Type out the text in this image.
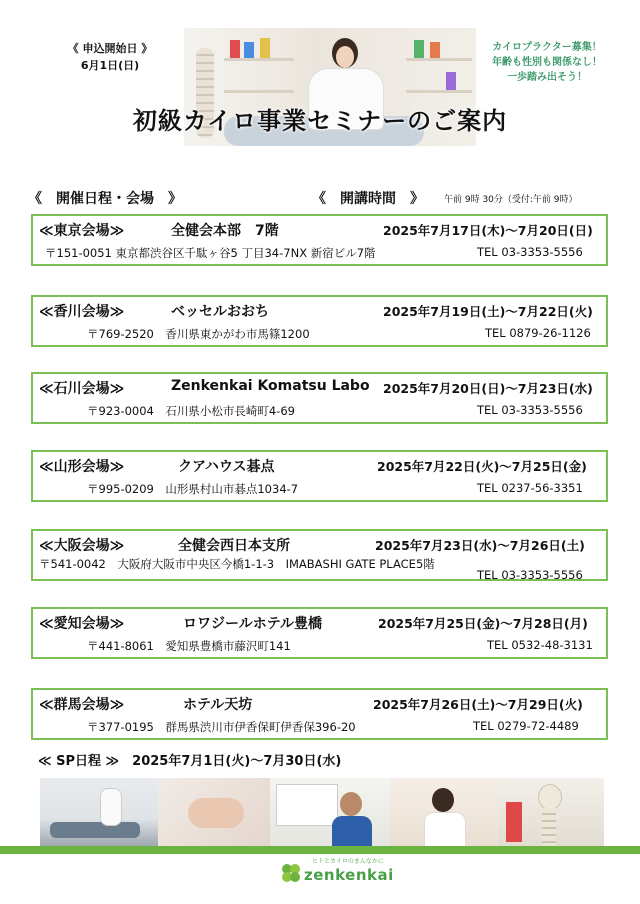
《 申込開始日 》
6月1日(日)
初級カイロ事業セミナーのご案内
カイロプラクター募集！
年齢も性別も関係なし！
一歩踏み出そう！
《　開催日程・会場　》	《　開講時間　》 午前 9時 30分（受付:午前 9時）
≪東京会場≫	全健会本部　7階	2025年7月17日(木)～7月20日(日)
〒151-0051 東京都渋谷区千駄ヶ谷5 丁目34-7NX 新宿ビル7階	TEL 03-3353-5556
≪香川会場≫	ベッセルおおち	2025年7月19日(土)～7月22日(火)
〒769-2520　香川県東かがわ市馬篠1200	TEL 0879-26-1126
≪石川会場≫	Zenkenkai Komatsu Labo 2025年7月20日(日)～7月23日(水)
〒923-0004　石川県小松市長崎町4-69	TEL 03-3353-5556
≪山形会場≫	クアハウス碁点	2025年7月22日(火)～7月25日(金)
〒995-0209　山形県村山市碁点1034-7	TEL 0237-56-3351
≪大阪会場≫	全健会西日本支所	2025年7月23日(水)～7月26日(土)
〒541-0042　大阪府大阪市中央区今橋1-1-3　IMABASHI GATE PLACE5階
TEL 03-3353-5556
≪愛知会場≫	ロワジールホテル豊橋	2025年7月25日(金)～7月28日(月)
〒441-8061　愛知県豊橋市藤沢町141	TEL 0532-48-3131
≪群馬会場≫	ホテル天坊	2025年7月26日(土)～7月29日(火)
〒377-0195　群馬県渋川市伊香保町伊香保396-20	TEL 0279-72-4489
≪ SP日程 ≫　2025年7月1日(火)～7月30日(水)
ヒトとカイロのまんなかに
zenkenkai
